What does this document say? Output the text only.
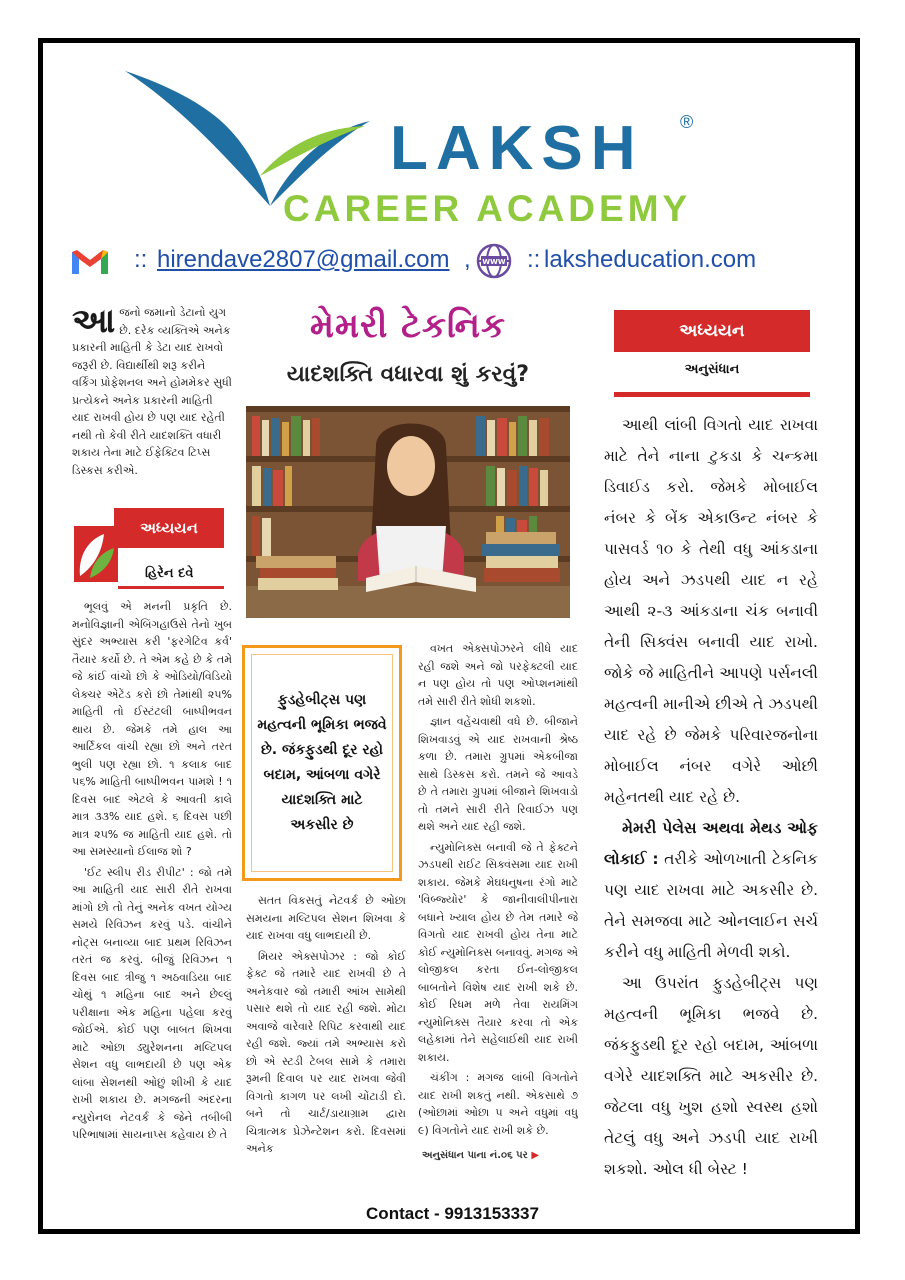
LAKSH ®
CAREER ACADEMY
:: hirendave2807@gmail.com , WWW :: laksheducation.com
આ જનો જમાનો ડેટાનો યુગ છે. દરેક વ્યક્તિએ અનેક પ્રકારની માહિતી કે ડેટા યાદ રાખવો જરૂરી છે. વિદ્યાર્થીથી શરૂ કરીને વર્કિંગ પ્રોફેશનલ અને હોમમેકર સુધી પ્રત્યેકને અનેક પ્રકારની માહિતી યાદ રાખવી હોય છે પણ યાદ રહેતી નથી તો કેવી રીતે યાદશક્તિ વધારી શકાય તેના માટે ઈફેક્ટિવ ટિપ્સ ડિસ્કસ કરીએ.
અધ્યયન
હિરેન દવે

ભૂલવું એ મનની પ્રકૃતિ છે. મનોવિજ્ઞાની એબિંગહાઉસે તેનો ખુબ સુંદર અભ્યાસ કરી 'ફરગેટિંવ કર્વ' તૈયાર કર્યો છે. તે એમ કહે છે કે તમે જે કાંઈ વાંચો છો કે ઓડિયો/વિડિયો લેક્ચર એટેંડ કરો છો તેમાંથી ૨૫% માહિતી તો ઈસ્ટંટલી બાષ્પીભવન થાય છે. જેમકે તમે હાલ આ આર્ટિકલ વાંચી રહ્યા છો અને તરત ભુલી પણ રહ્યા છો. ૧ કલાક બાદ ૫૬% માહિતી બાષ્પીભવન પામશે ! ૧ દિવસ બાદ એટલે કે આવતી કાલે માત્ર ૩૩% યાદ હશે. ૬ દિવસ પછી માત્ર ૨૫% જ માહિતી યાદ હશે. તો આ સમસ્યાનો ઈલાજ શો ?

'ઈટ સ્લીપ રીડ રીપીટ' : જો તમે આ માહિતી યાદ સારી રીતે રાખવા માંગો છો તો તેનું અનેક વખત યોગ્ય સમયે રિવિઝન કરવું પડે. વાંચીને નોટ્સ બનાવ્યા બાદ પ્રથમ રિવિઝન તરતં જ કરવું. બીજું રિવિઝન ૧ દિવસ બાદ ત્રીજુ ૧ અઠવાડિયા બાદ ચોથું ૧ મહિના બાદ અને છેલ્લું પરીક્ષાના એક મહિના પહેલા કરવું જોઈએ. કોઈ પણ બાબત શિખવા માટે ઓછા ડ્યુરેશનના મલ્ટિપલ સેશન વધુ લાભદાયી છે પણ એક લાંબા સેશનથી ઓછું શીખી કે યાદ રાખી શકાય છે. મગજની અંદરના ન્યુરોનલ નેટવર્ક કે જેને તબીબી પરિભાષામાં સાયનાપ્સ કહેવાય છે તે

મેમરી ટેકનિક
યાદશક્તિ વધારવા શું કરવું?
ફુડહેબીટ્સ પણ મહત્વની ભૂમિકા ભજવે છે. જંકફુડથી દૂર રહો બદામ, આંબળા વગેરે યાદશક્તિ માટે અકસીર છે

સતત વિકસતું નેટવર્ક છે ઓછા સમયના મલ્ટિપલ સેશન શિખવા કે યાદ રાખવા વધુ લાભદાયી છે.

મિયર એક્સપોઝર : જો કોઈ ફેક્ટ જે તમારે યાદ રાખવી છે તે અનેકવાર જો તમારી આંખ સામેથી પસાર થશે તો યાદ રહી જશે. મોટા અવાજે વારેવારે રિપિટ કરવાથી યાદ રહી જશે. જ્યાં તમે અભ્યાસ કરો છો એ સ્ટડી ટેબલ સામે કે તમારા રૂમની દિવાલ પર યાદ રાખવા જેવી વિગતો કાગળ પર લખી ચોંટાડી દો. બને તો ચાર્ટ/ડાયાગ્રામ દ્વારા ચિત્રાત્મક પ્રેઝેન્ટેશન કરો. દિવસમાં અનેક

વખત એક્સપોઝરને લીધે યાદ રહી જશે અને જો પરફેક્ટલી યાદ ન પણ હોય તો પણ ઓપ્શનમાંથી તમે સારી રીતે શોધી શકશો.

જ્ઞાન વહેંચવાથી વધે છે. બીજાને શિખવાડવું એ યાદ રાખવાની શ્રેષ્ઠ કળા છે. તમારા ગ્રુપમાં એકબીજા સાથે ડિસ્કસ કરો. તમને જે આવડે છે તે તમારા ગ્રુપમાં બીજાને શિખવાડો તો તમને સારી રીતે રિવાઈઝ પણ થશે અને યાદ રહી જશે.

ન્યુમોનિક્સ બનાવી જે તે ફેક્ટને ઝડપથી રાઈટ સિક્વંસમા યાદ રાખી શકાય. જેમકે મેઘધનુષના રંગો માટે 'વિબ્જ્યોર' કે જાનીવાલીપીનારા બધાને ખ્યાલ હોય છે તેમ તમારે જે વિગતો યાદ રાખવી હોય તેના માટે કોઈ ન્યુમોનિક્સ બનાવવું. મગજ એ લોજીકલ કરતા ઈન-લોજીકલ બાબતોને વિશેષ યાદ રાખી શકે છે. કોઈ રિધમ મળે તેવા રાયમિંગ ન્યુમોનિક્સ તૈયાર કરવા તો એક લહેકામાં તેને સહેલાઈથી યાદ રાખી શકાય.

ચંકીંગ : મગજ લાંબી વિગતોને યાદ રાખી શકતું નથી. એકસાથે ૭ (ઓછામાં ઓછા ૫ અને વધુમાં વધુ ૯) વિગતોને યાદ રાખી શકે છે.

અનુસંધાન પાના નં.૦૬ પર ▶
અધ્યયન
અનુસંધાન

આથી લાંબી વિગતો યાદ રાખવા માટે તેને નાના ટુકડા કે ચન્કમા ડિવાઈડ કરો. જેમકે મોબાઈલ નંબર કે બેંક એકાઉન્ટ નંબર કે પાસવર્ડ ૧૦ કે તેથી વધુ આંકડાના હોય અને ઝડપથી યાદ ન રહે આથી ૨-૩ આંકડાના ચંક બનાવી તેની સિક્વંસ બનાવી યાદ રાખો. જોકે જે માહિતીને આપણે પર્સનલી મહત્વની માનીએ છીએ તે ઝડપથી યાદ રહે છે જેમકે પરિવારજનોના મોબાઈલ નંબર વગેરે ઓછી મહેનતથી યાદ રહે છે.

મેમરી પેલેસ અથવા મેથડ ઓફ લોકાઈ : તરીકે ઓળખાતી ટેકનિક પણ યાદ રાખવા માટે અકસીર છે. તેને સમજવા માટે ઓનલાઈન સર્ચ કરીને વધુ માહિતી મેળવી શકો.

આ ઉપરાંત ફુડહેબીટ્સ પણ મહત્વની ભૂમિકા ભજવે છે. જંકફુડથી દૂર રહો બદામ, આંબળા વગેરે યાદશક્તિ માટે અકસીર છે. જેટલા વધુ ખુશ હશો સ્વસ્થ હશો તેટલું વધુ અને ઝડપી યાદ રાખી શકશો. ઓલ ધી બેસ્ટ !

Contact - 9913153337
